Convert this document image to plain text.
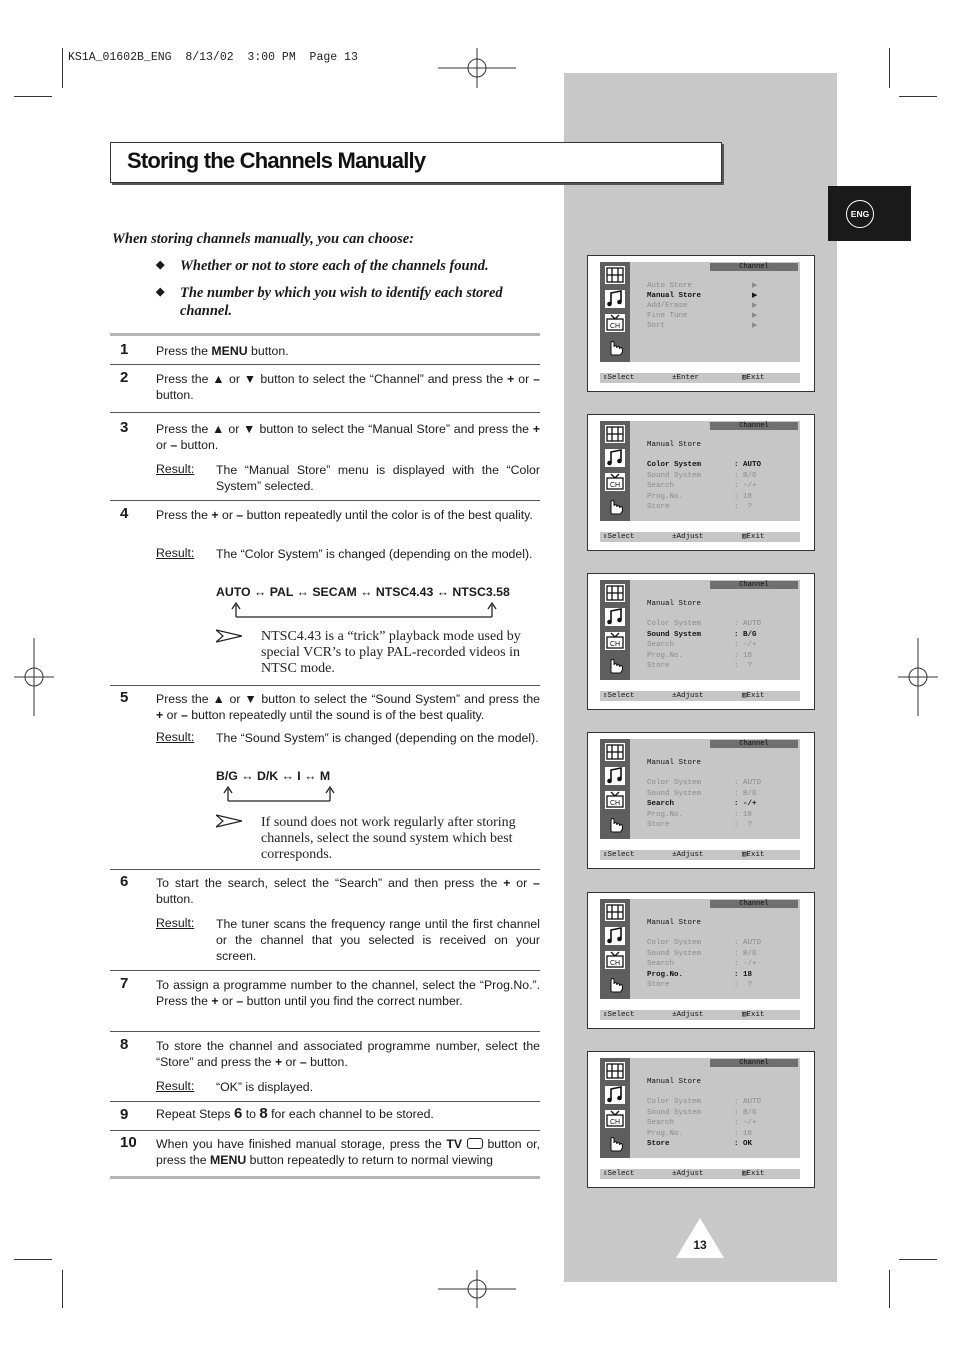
KS1A_01602B_ENG  8/13/02  3:00 PM  Page 13
ENG
Storing the Channels Manually
When storing channels manually, you can choose:
◆ Whether or not to store each of the channels found.
◆ The number by which you wish to identify each stored channel.
1 Press the MENU button.
2 Press the ▲ or ▼ button to select the “Channel” and press the + or – button.
3 Press the ▲ or ▼ button to select the “Manual Store” and press the + or – button.
Result: The “Manual Store” menu is displayed with the “Color System” selected.
4 Press the + or – button repeatedly until the color is of the best quality.
Result: The “Color System” is changed (depending on the model).
AUTO ↔ PAL ↔ SECAM ↔ NTSC4.43 ↔ NTSC3.58
NTSC4.43 is a “trick” playback mode used by special VCR’s to play PAL-recorded videos in NTSC mode.
5 Press the ▲ or ▼ button to select the “Sound System” and press the + or – button repeatedly until the sound is of the best quality.
Result: The “Sound System” is changed (depending on the model).
B/G ↔ D/K ↔ I ↔ M
If sound does not work regularly after storing channels, select the sound system which best corresponds.
6 To start the search, select the “Search” and then press the + or – button.
Result: The tuner scans the frequency range until the first channel or the channel that you selected is received on your screen.
7 To assign a programme number to the channel, select the “Prog.No.”. Press the + or – button until you find the correct number.
8 To store the channel and associated programme number, select the “Store” and press the + or – button.
Result: “OK” is displayed.
9 Repeat Steps 6 to 8 for each channel to be stored.
10 When you have finished manual storage, press the TV  button or, press the MENU button repeatedly to return to normal viewing
CH
Channel
Auto Store	▶
Manual Store	▶
Add/Erase	▶
Fine Tune	▶
Sort	▶
⇕Select	±Enter	▥Exit
CH
Channel
Manual Store
Color System	: AUTO
Sound System	: B/G
Search	: -/+
Prog.No.	: 18
Store	:  ?
⇕Select	±Adjust	▥Exit
CH
Channel
Manual Store
Color System	: AUTO
Sound System	: B/G
Search	: -/+
Prog.No.	: 18
Store	:  ?
⇕Select	±Adjust	▥Exit
CH
Channel
Manual Store
Color System	: AUTO
Sound System	: B/G
Search	: -/+
Prog.No.	: 18
Store	:  ?
⇕Select	±Adjust	▥Exit
CH
Channel
Manual Store
Color System	: AUTO
Sound System	: B/G
Search	: -/+
Prog.No.	: 18
Store	:  ?
⇕Select	±Adjust	▥Exit
CH
Channel
Manual Store
Color System	: AUTO
Sound System	: B/G
Search	: -/+
Prog.No.	: 18
Store	: OK
⇕Select	±Adjust	▥Exit
13
